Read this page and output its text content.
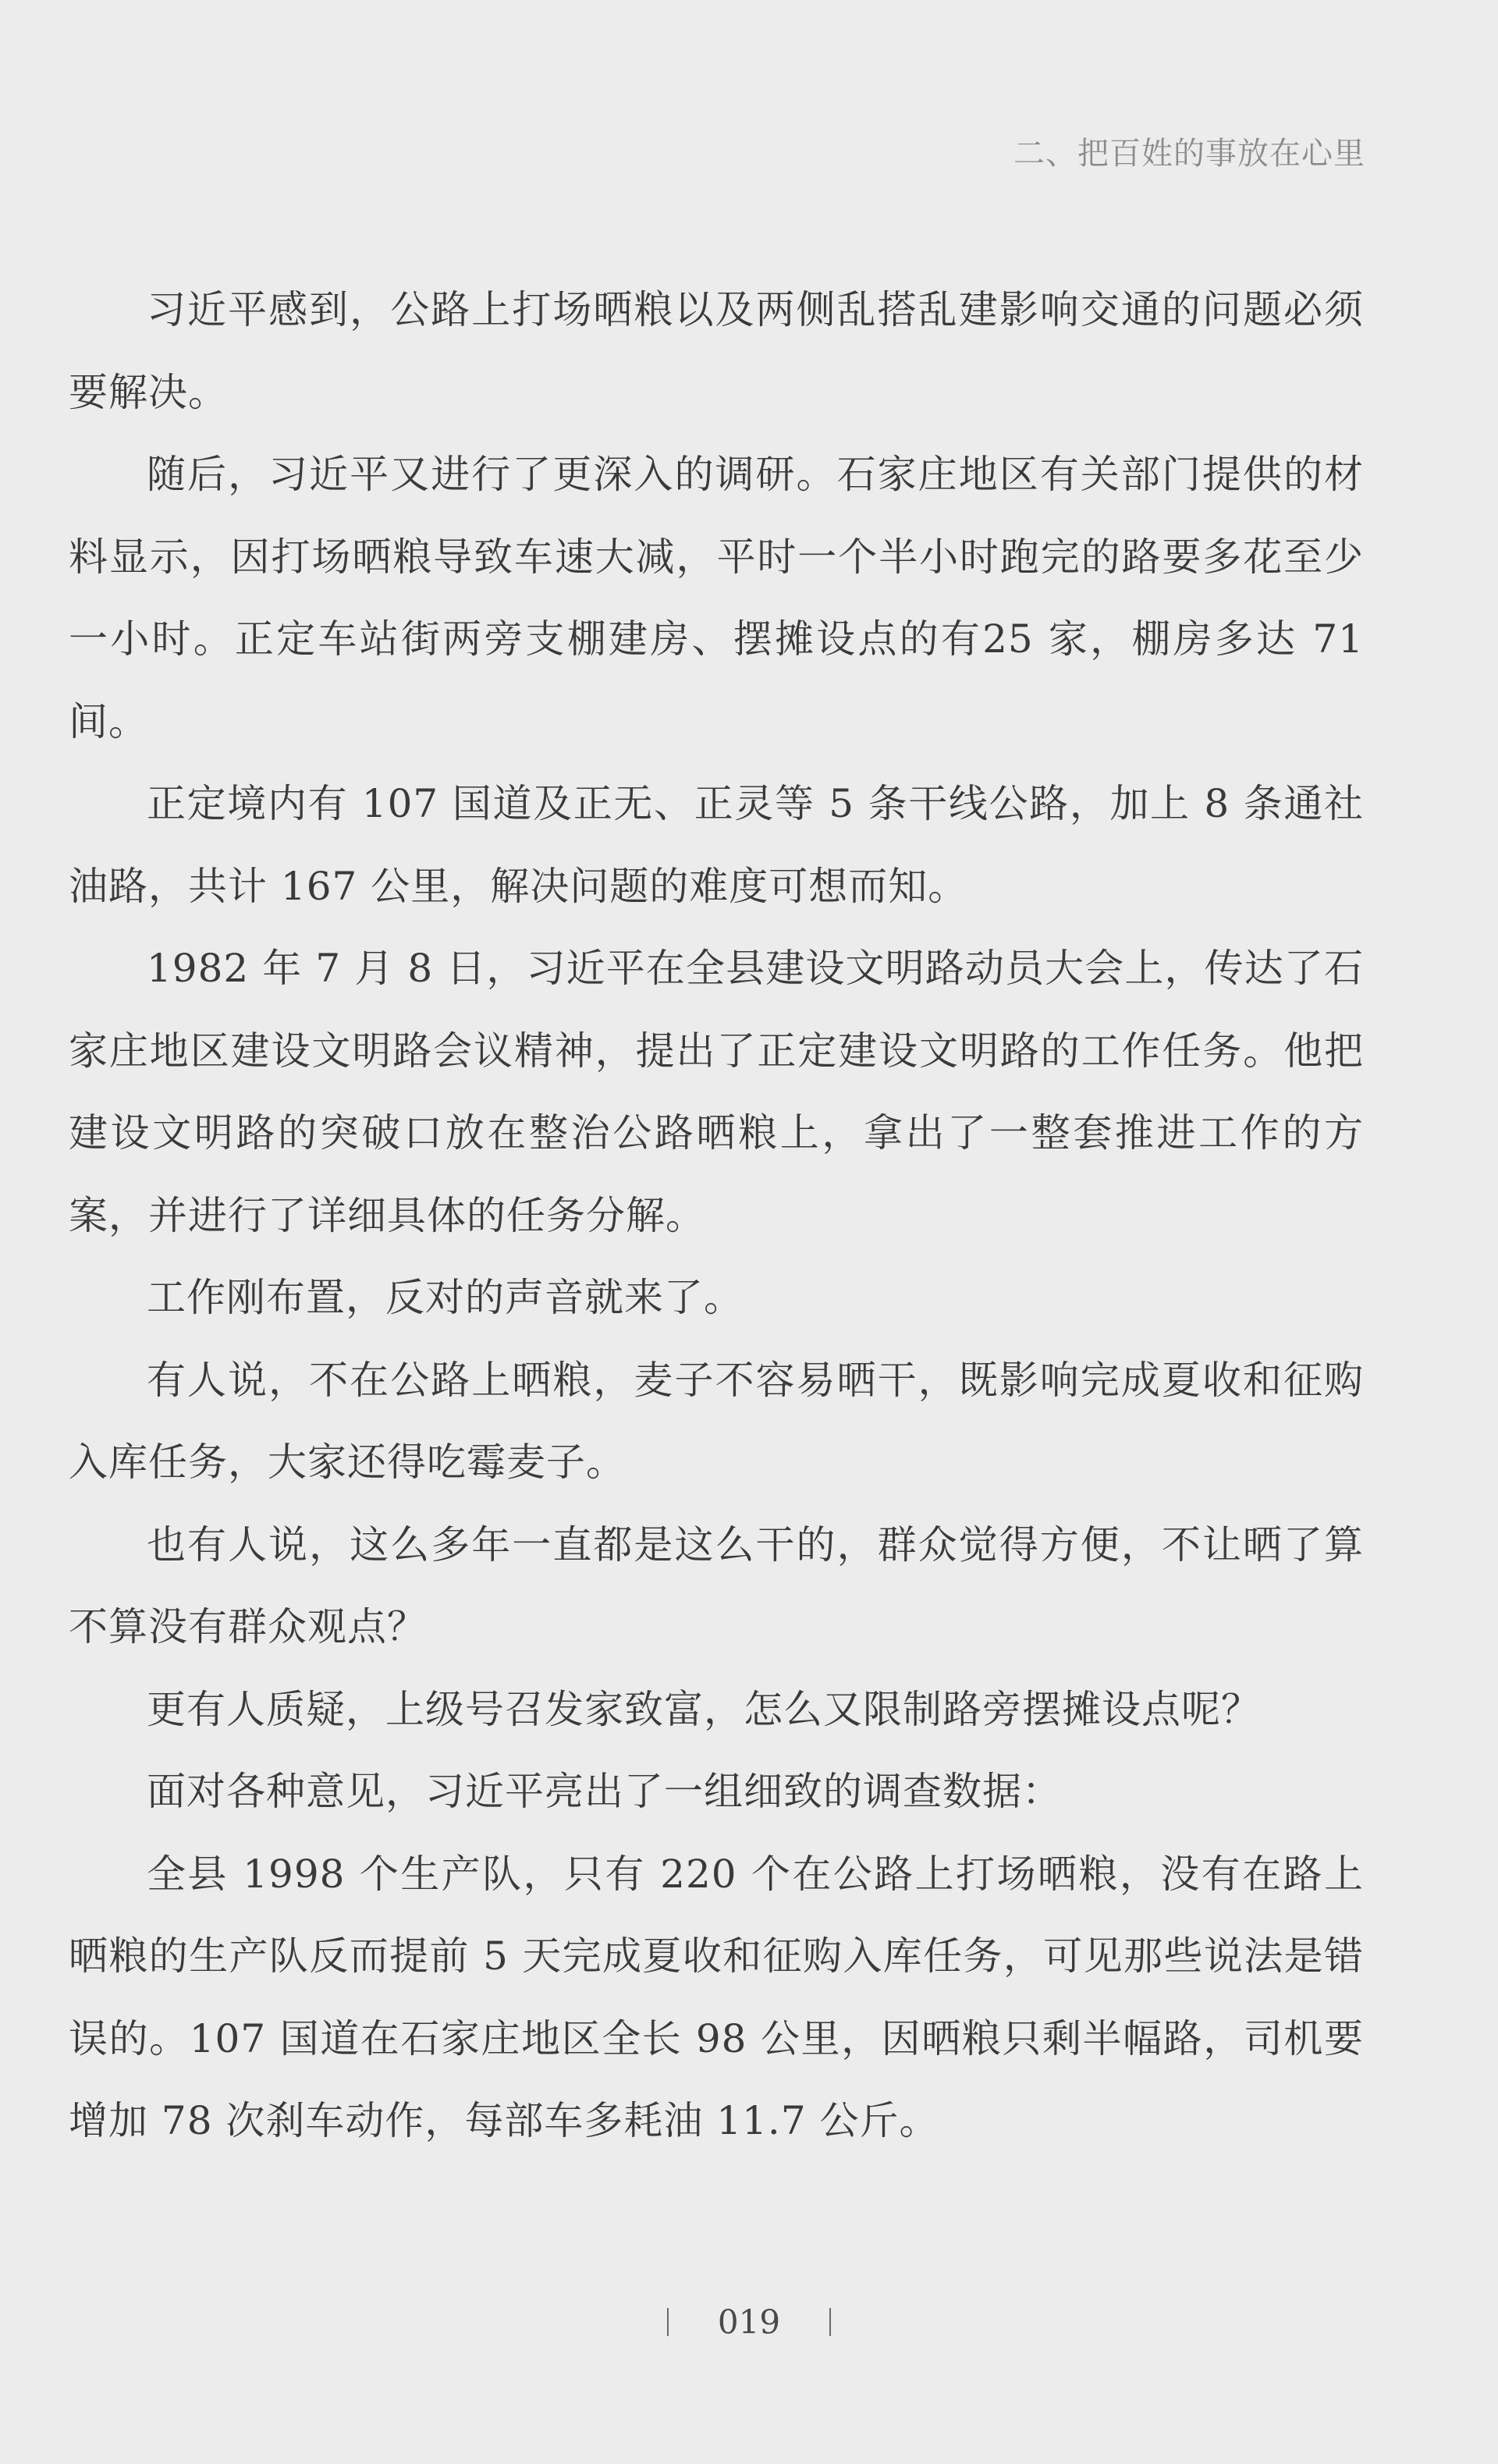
二、把百姓的事放在心里

习近平感到，公路上打场晒粮以及两侧乱搭乱建影响交通的问题必须要解决。

随后，习近平又进行了更深入的调研。石家庄地区有关部门提供的材料显示，因打场晒粮导致车速大减，平时一个半小时跑完的路要多花至少一小时。正定车站街两旁支棚建房、摆摊设点的有25 家，棚房多达 71 间。

正定境内有 107 国道及正无、正灵等 5 条干线公路，加上 8 条通社油路，共计 167 公里，解决问题的难度可想而知。

1982 年 7 月 8 日，习近平在全县建设文明路动员大会上，传达了石家庄地区建设文明路会议精神，提出了正定建设文明路的工作任务。他把建设文明路的突破口放在整治公路晒粮上，拿出了一整套推进工作的方案，并进行了详细具体的任务分解。

工作刚布置，反对的声音就来了。

有人说，不在公路上晒粮，麦子不容易晒干，既影响完成夏收和征购入库任务，大家还得吃霉麦子。

也有人说，这么多年一直都是这么干的，群众觉得方便，不让晒了算不算没有群众观点？

更有人质疑，上级号召发家致富，怎么又限制路旁摆摊设点呢？

面对各种意见，习近平亮出了一组细致的调查数据：

全县 1998 个生产队，只有 220 个在公路上打场晒粮，没有在路上晒粮的生产队反而提前 5 天完成夏收和征购入库任务，可见那些说法是错误的。107 国道在石家庄地区全长 98 公里，因晒粮只剩半幅路，司机要增加 78 次刹车动作，每部车多耗油 11.7 公斤。

019
